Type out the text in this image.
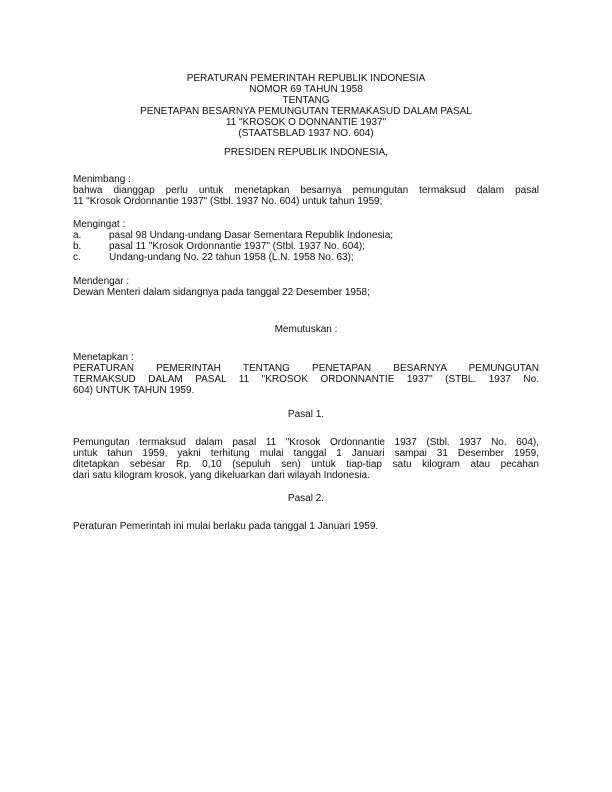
PERATURAN PEMERINTAH REPUBLIK INDONESIA
NOMOR 69 TAHUN 1958
TENTANG
PENETAPAN BESARNYA PEMUNGUTAN TERMAKASUD DALAM PASAL
11 "KROSOK O DONNANTIE 1937"
(STAATSBLAD 1937 NO. 604)
PRESIDEN REPUBLIK INDONESIA,
Menimbang :
bahwa dianggap perlu untuk menetapkan besarnya pemungutan termaksud dalam pasal
11 "Krosok Ordonnantie 1937" (Stbl. 1937 No. 604) untuk tahun 1959;
Mengingat :
a.	pasal 98 Undang-undang Dasar Sementara Republik Indonesia;
b.	pasal 11 "Krosok Ordonnantie 1937" (Stbl. 1937 No. 604);
c.	Undang-undang No. 22 tahun 1958 (L.N. 1958 No. 63);
Mendengar :
Dewan Menteri dalam sidangnya pada tanggal 22 Desember 1958;
Memutuskan :
Menetapkan :
PERATURAN PEMERINTAH TENTANG PENETAPAN BESARNYA PEMUNGUTAN
TERMAKSUD DALAM PASAL 11 "KROSOK ORDONNANTIE 1937" (STBL. 1937 No.
604) UNTUK TAHUN 1959.
Pasal 1.
Pemungutan termaksud dalam pasal 11 "Krosok Ordonnantie 1937 (Stbl. 1937 No. 604),
untuk tahun 1959, yakni terhitung mulai tanggal 1 Januari sampai 31 Desember 1959,
ditetapkan sebesar Rp. 0,10 (sepuluh sen) untuk tiap-tiap satu kilogram atau pecahan
dari satu kilogram krosok, yang dikeluarkan dari wilayah Indonesia.
Pasal 2.
Peraturan Pemerintah ini mulai berlaku pada tanggal 1 Januari 1959.
